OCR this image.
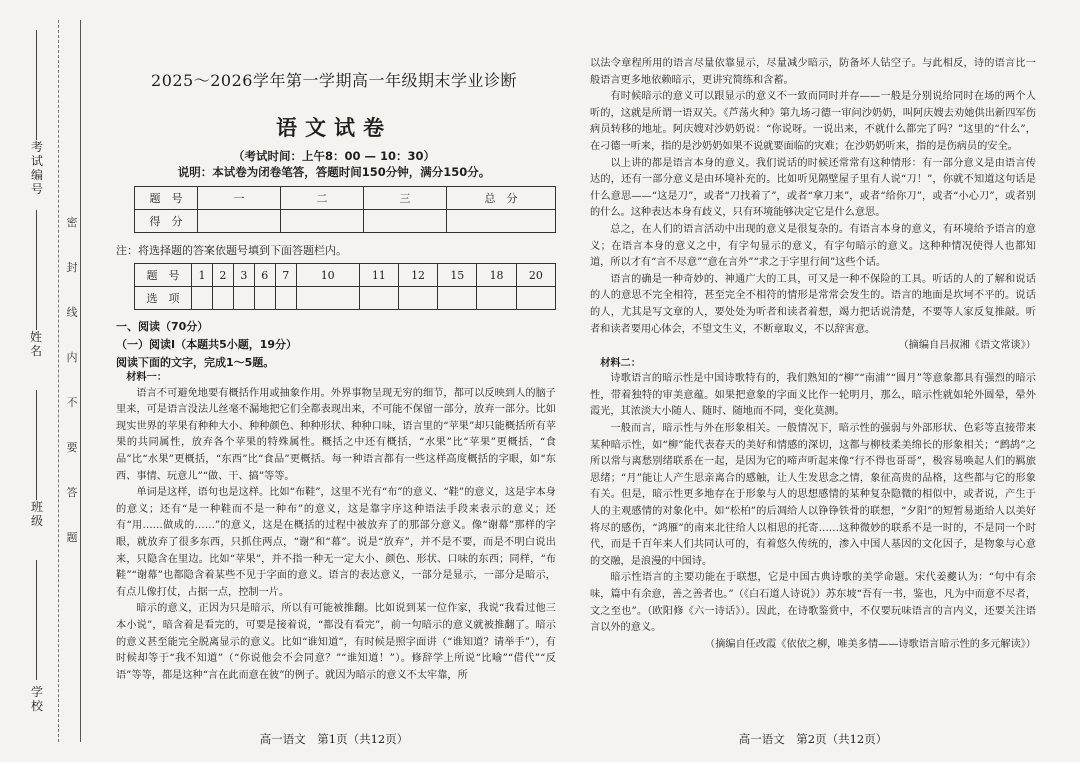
考试编号
姓名
班级
学校
密封线内不要答题
2025～2026学年第一学期高一年级期末学业诊断
语文试卷
（考试时间：上午8：00 — 10：30）
说明：本试卷为闭卷笔答，答题时间150分钟，满分150分。
题　号	一	二	三	总　分
得　分				
注：将选择题的答案依题号填到下面答题栏内。
题　号	1	2	3	6	7	10	11	12	15	18	20
选　项											
一、阅读（70分）
（一）阅读Ⅰ（本题共5小题，19分）
阅读下面的文字，完成1～5题。

材料一：

语言不可避免地要有概括作用或抽象作用。外界事物呈现无穷的细节，都可以反映到人的脑子里来，可是语言没法儿丝毫不漏地把它们全都表现出来，不可能不保留一部分，放弃一部分。比如现实世界的苹果有种种大小、种种颜色、种种形状、种种口味，语言里的“苹果”却只能概括所有苹果的共同属性，放弃各个苹果的特殊属性。概括之中还有概括，“水果”比“苹果”更概括，“食品”比“水果”更概括，“东西”比“食品”更概括。每一种语言都有一些这样高度概括的字眼，如“东西、事情、玩意儿”“做、干、搞”等等。

单词是这样，语句也是这样。比如“布鞋”，这里不光有“布”的意义、“鞋”的意义，这是字本身的意义；还有“是一种鞋而不是一种布”的意义，这是靠字序这种语法手段来表示的意义；还有“用……做成的……”的意义，这是在概括的过程中被放弃了的那部分意义。像“谢幕”那样的字眼，就放弃了很多东西，只抓住两点，“谢”和“幕”。说是“放弃”，并不是不要，而是不明白说出来，只隐含在里边。比如“苹果”，并不指一种无一定大小、颜色、形状、口味的东西；同样，“布鞋”“谢幕”也都隐含着某些不见于字面的意义。语言的表达意义，一部分是显示，一部分是暗示，有点儿像打仗，占据一点，控制一片。

暗示的意义，正因为只是暗示，所以有可能被推翻。比如说到某一位作家，我说“我看过他三本小说”，暗含着是看完的，可要是接着说，“都没有看完”，前一句暗示的意义就被推翻了。暗示的意义甚至能完全脱离显示的意义。比如“谁知道”，有时候是照字面讲（“谁知道？请举手”），有时候却等于“我不知道”（“你说他会不会同意？”“谁知道！”）。修辞学上所说“比喻”“借代”“反语”等等，都是这种“言在此而意在彼”的例子。就因为暗示的意义不太牢靠，所

高一语文　第1页（共12页）

以法令章程所用的语言尽量依靠显示，尽量减少暗示，防备坏人钻空子。与此相反，诗的语言比一般语言更多地依赖暗示，更讲究简练和含蓄。

有时候暗示的意义可以跟显示的意义不一致而同时并存——一般是分别说给同时在场的两个人听的，这就是所谓一语双关。《芦荡火种》第九场刁德一审问沙奶奶，叫阿庆嫂去劝她供出新四军伤病员转移的地址。阿庆嫂对沙奶奶说：“你说呀。一说出来，不就什么都完了吗？”这里的“什么”，在刁德一听来，指的是沙奶奶如果不说就要面临的灾难；在沙奶奶听来，指的是伤病员的安全。

以上讲的都是语言本身的意义。我们说话的时候还常常有这种情形：有一部分意义是由语言传达的，还有一部分意义是由环境补充的。比如听见隔壁屋子里有人说“刀！”，你就不知道这句话是什么意思——“这是刀”，或者“刀找着了”，或者“拿刀来”，或者“给你刀”，或者“小心刀”，或者别的什么。这种表达本身有歧义，只有环境能够决定它是什么意思。

总之，在人们的语言活动中出现的意义是很复杂的。有语言本身的意义，有环境给予语言的意义；在语言本身的意义之中，有字句显示的意义，有字句暗示的意义。这种种情况使得人也都知道，所以才有“言不尽意”“意在言外”“求之于字里行间”这些个话。

语言的确是一种奇妙的、神通广大的工具，可又是一种不保险的工具。听话的人的了解和说话的人的意思不完全相符，甚至完全不相符的情形是常常会发生的。语言的地面是坎坷不平的。说话的人，尤其是写文章的人，要处处为听者和读者着想，竭力把话说清楚，不要等人家反复推敲。听者和读者要用心体会，不望文生义，不断章取义，不以辞害意。

（摘编自吕叔湘《语文常谈》）

材料二：

诗歌语言的暗示性是中国诗歌特有的，我们熟知的“柳”“南浦”“圆月”等意象都具有强烈的暗示性，带着独特的审美意蕴。如果把意象的字面义比作一轮明月，那么，暗示性就如轮外圆晕，晕外霞光，其浓淡大小随人、随时、随地而不同，变化莫测。

一般而言，暗示性与外在形象相关。一般情况下，暗示性的强弱与外部形状、色彩等直接带来某种暗示性，如“柳”能代表春天的美好和情感的深切，这都与柳枝柔美绵长的形象相关；“鹧鸪”之所以常与离愁别绪联系在一起，是因为它的啼声听起来像“行不得也哥哥”，极容易唤起人们的羁旅思绪；“月”能让人产生思亲离合的感触，让人生发思念之情，象征高贵的品格，这些都与它的形象有关。但是，暗示性更多地存在于形象与人的思想感情的某种复杂隐微的相似中，或者说，产生于人的主观感情的对象化中。如“松柏”的后凋给人以铮铮铁骨的联想，“夕阳”的短暂易逝给人以美好将尽的感伤，“鸿雁”的南来北往给人以相思的托寄……这种微妙的联系不是一时的，不是同一个时代，而是千百年来人们共同认可的，有着悠久传统的，渗入中国人基因的文化因子，是物象与心意的交融，是浪漫的中国诗。

暗示性语言的主要功能在于联想，它是中国古典诗歌的美学命题。宋代姜夔认为：“句中有余味，篇中有余意，善之善者也。”（《白石道人诗说》）苏东坡“吾有一书，鉴也，凡为中而意不尽者，文之至也”。（欧阳修《六一诗话》）。因此，在诗歌鉴赏中，不仅要玩味语言的言内义，还要关注语言以外的意义。

（摘编自任改霞《依依之柳，唯美多情——诗歌语言暗示性的多元解读》）

高一语文　第2页（共12页）
